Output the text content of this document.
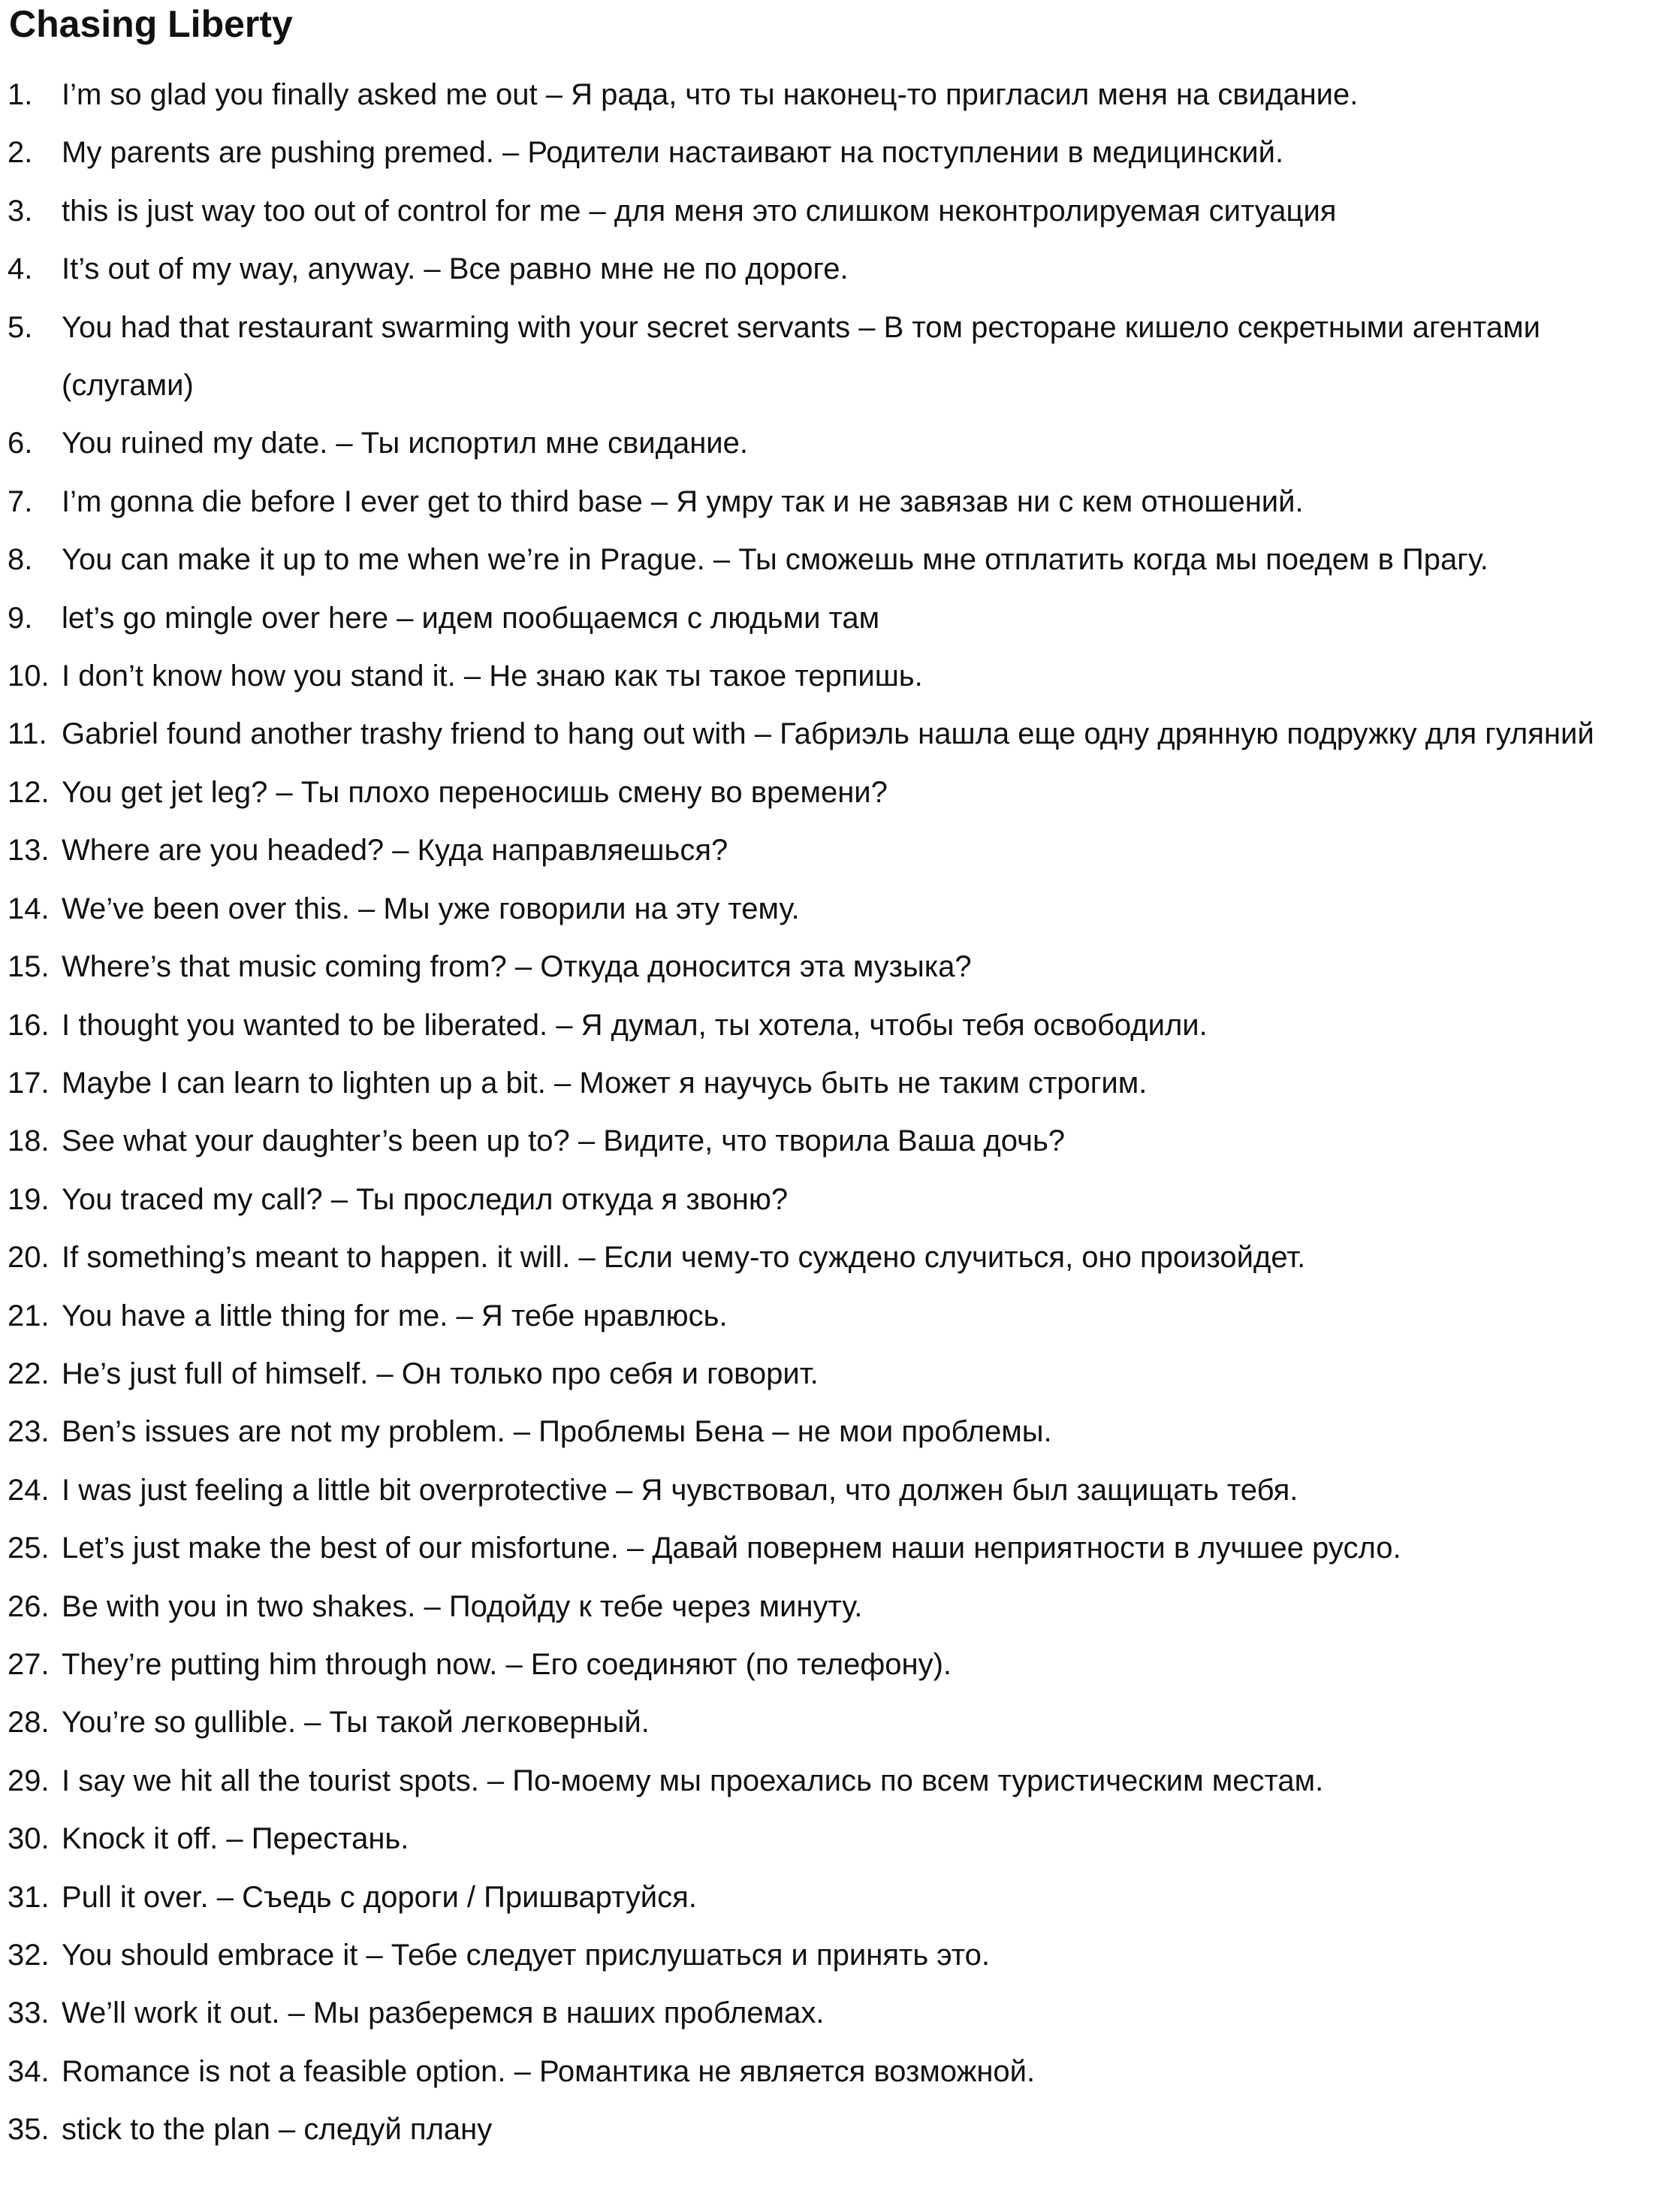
Chasing Liberty
1. I’m so glad you finally asked me out – Я рада, что ты наконец-то пригласил меня на свидание.
2. My parents are pushing premed. – Родители настаивают на поступлении в медицинский.
3. this is just way too out of control for me – для меня это слишком неконтролируемая ситуация
4. It’s out of my way, anyway. – Все равно мне не по дороге.
5. You had that restaurant swarming with your secret servants – В том ресторане кишело секретными агентами (слугами)
6. You ruined my date. – Ты испортил мне свидание.
7. I’m gonna die before I ever get to third base – Я умру так и не завязав ни с кем отношений.
8. You can make it up to me when we’re in Prague. – Ты сможешь мне отплатить когда мы поедем в Прагу.
9. let’s go mingle over here – идем пообщаемся с людьми там
10. I don’t know how you stand it. – Не знаю как ты такое терпишь.
11. Gabriel found another trashy friend to hang out with – Габриэль нашла еще одну дрянную подружку для гуляний
12. You get jet leg? – Ты плохо переносишь смену во времени?
13. Where are you headed? – Куда направляешься?
14. We’ve been over this. – Мы уже говорили на эту тему.
15. Where’s that music coming from? – Откуда доносится эта музыка?
16. I thought you wanted to be liberated. – Я думал, ты хотела, чтобы тебя освободили.
17. Maybe I can learn to lighten up a bit. – Может я научусь быть не таким строгим.
18. See what your daughter’s been up to? – Видите, что творила Ваша дочь?
19. You traced my call? – Ты проследил откуда я звоню?
20. If something’s meant to happen. it will. – Если чему-то суждено случиться, оно произойдет.
21. You have a little thing for me. – Я тебе нравлюсь.
22. He’s just full of himself. – Он только про себя и говорит.
23. Ben’s issues are not my problem. – Проблемы Бена – не мои проблемы.
24. I was just feeling a little bit overprotective – Я чувствовал, что должен был защищать тебя.
25. Let’s just make the best of our misfortune. – Давай повернем наши неприятности в лучшее русло.
26. Be with you in two shakes. – Подойду к тебе через минуту.
27. They’re putting him through now. – Его соединяют (по телефону).
28. You’re so gullible. – Ты такой легковерный.
29. I say we hit all the tourist spots. – По-моему мы проехались по всем туристическим местам.
30. Knock it off. – Перестань.
31. Pull it over. – Съедь с дороги / Пришвартуйся.
32. You should embrace it – Тебе следует прислушаться и принять это.
33. We’ll work it out. – Мы разберемся в наших проблемах.
34. Romance is not a feasible option. – Романтика не является возможной.
35. stick to the plan – следуй плану
